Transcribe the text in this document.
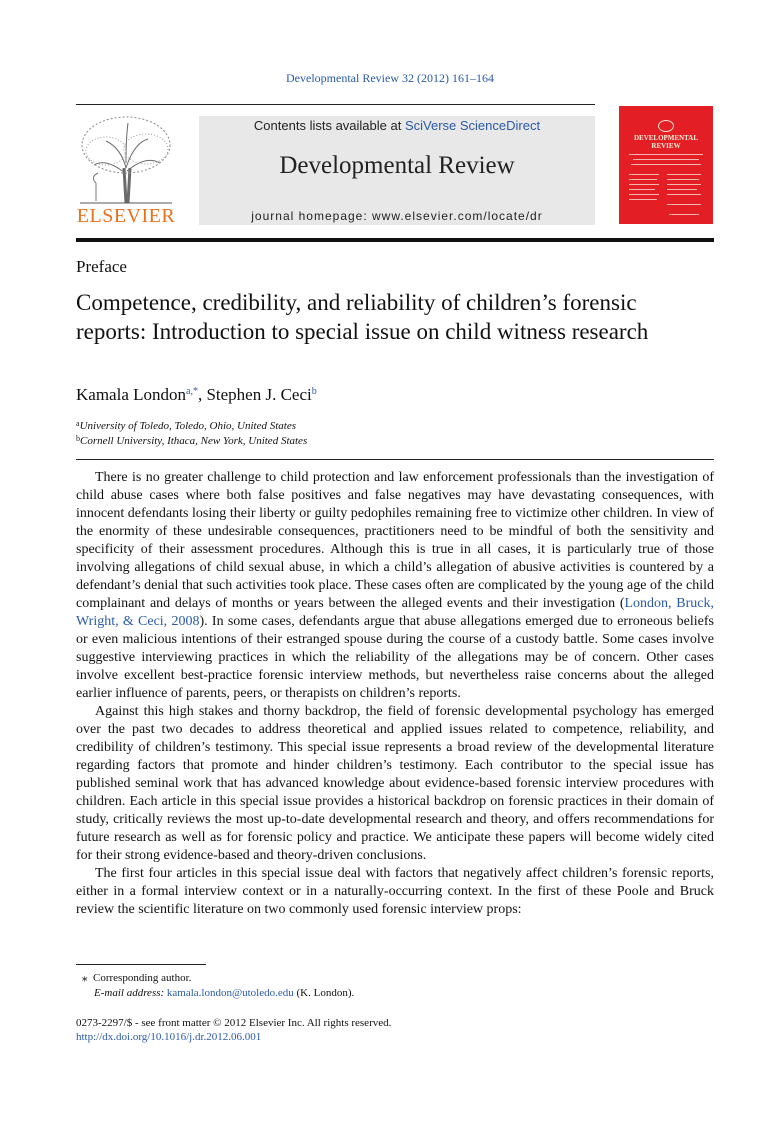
Developmental Review 32 (2012) 161–164
ELSEVIER
Contents lists available at SciVerse ScienceDirect
Developmental Review
journal homepage: www.elsevier.com/locate/dr
DEVELOPMENTAL
REVIEW
Preface
Competence, credibility, and reliability of children’s forensic reports: Introduction to special issue on child witness research
Kamala London$^{a,*}$, Stephen J. Ceci$^b$
$^a$University of Toledo, Toledo, Ohio, United States
$^b$Cornell University, Ithaca, New York, United States

There is no greater challenge to child protection and law enforcement professionals than the investigation of child abuse cases where both false positives and false negatives may have devastating consequences, with innocent defendants losing their liberty or guilty pedophiles remaining free to victimize other children. In view of the enormity of these undesirable consequences, practitioners need to be mindful of both the sensitivity and specificity of their assessment procedures. Although this is true in all cases, it is particularly true of those involving allegations of child sexual abuse, in which a child’s allegation of abusive activities is countered by a defendant’s denial that such activities took place. These cases often are complicated by the young age of the child complainant and delays of months or years between the alleged events and their investigation (London, Bruck, Wright, & Ceci, 2008). In some cases, defendants argue that abuse allegations emerged due to erroneous beliefs or even malicious intentions of their estranged spouse during the course of a custody battle. Some cases involve suggestive interviewing practices in which the reliability of the allegations may be of concern. Other cases involve excellent best-practice forensic interview methods, but nevertheless raise concerns about the alleged earlier influence of parents, peers, or therapists on children’s reports.

Against this high stakes and thorny backdrop, the field of forensic developmental psychology has emerged over the past two decades to address theoretical and applied issues related to competence, reliability, and credibility of children’s testimony. This special issue represents a broad review of the developmental literature regarding factors that promote and hinder children’s testimony. Each contributor to the special issue has published seminal work that has advanced knowledge about evidence-based forensic interview procedures with children. Each article in this special issue provides a historical backdrop on forensic practices in their domain of study, critically reviews the most up-to-date developmental research and theory, and offers recommendations for future research as well as for forensic policy and practice. We anticipate these papers will become widely cited for their strong evidence-based and theory-driven conclusions.

The first four articles in this special issue deal with factors that negatively affect children’s forensic reports, either in a formal interview context or in a naturally-occurring context. In the first of these Poole and Bruck review the scientific literature on two commonly used forensic interview props:

⁎ Corresponding author.
E-mail address: kamala.london@utoledo.edu (K. London).
0273-2297/$ - see front matter © 2012 Elsevier Inc. All rights reserved.
http://dx.doi.org/10.1016/j.dr.2012.06.001
